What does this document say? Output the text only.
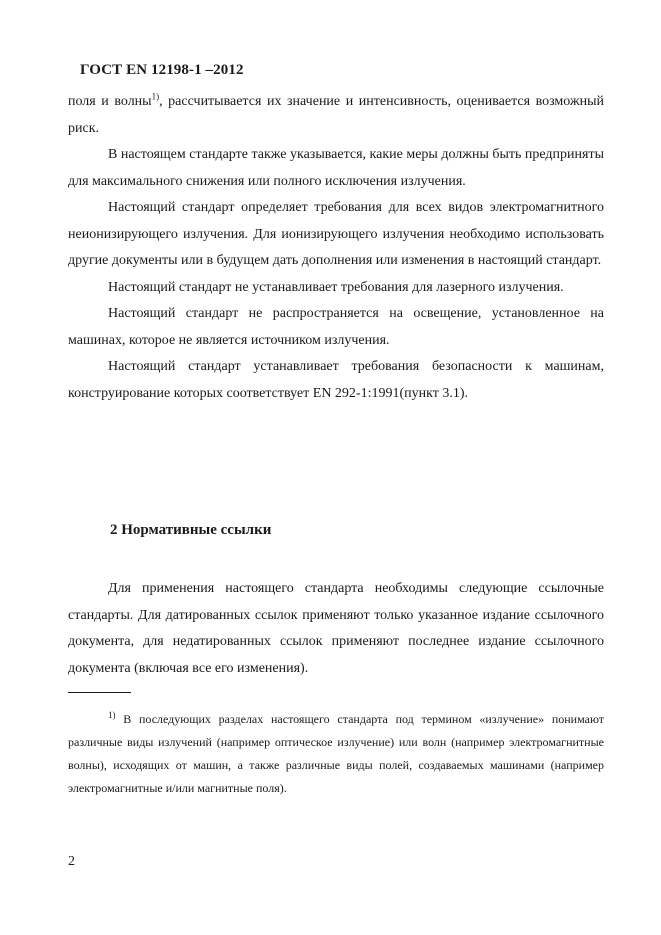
ГОСТ EN 12198-1 –2012

поля и волны$^{1)}$, рассчитывается их значение и интенсивность, оценивается возможный риск.

В настоящем стандарте также указывается, какие меры должны быть предприняты для максимального снижения или полного исключения излучения.

Настоящий стандарт определяет требования для всех видов электромагнитного неионизирующего излучения. Для ионизирующего излучения необходимо использовать другие документы или в будущем дать дополнения или изменения в настоящий стандарт.

Настоящий стандарт не устанавливает требования для лазерного излучения.

Настоящий стандарт не распространяется на освещение, установленное на машинах, которое не является источником излучения.

Настоящий стандарт устанавливает требования безопасности к машинам, конструирование которых соответствует EN 292-1:1991(пункт 3.1).

2 Нормативные ссылки

Для применения настоящего стандарта необходимы следующие ссылочные стандарты. Для датированных ссылок применяют только указанное издание ссылочного документа, для недатированных ссылок применяют последнее издание ссылочного документа (включая все его изменения).

$^{1)}$ В последующих разделах настоящего стандарта под термином «излучение» понимают различные виды излучений (например оптическое излучение) или волн (например электромагнитные волны), исходящих от машин, а также различные виды полей, создаваемых машинами (например электромагнитные и/или магнитные поля).

2
